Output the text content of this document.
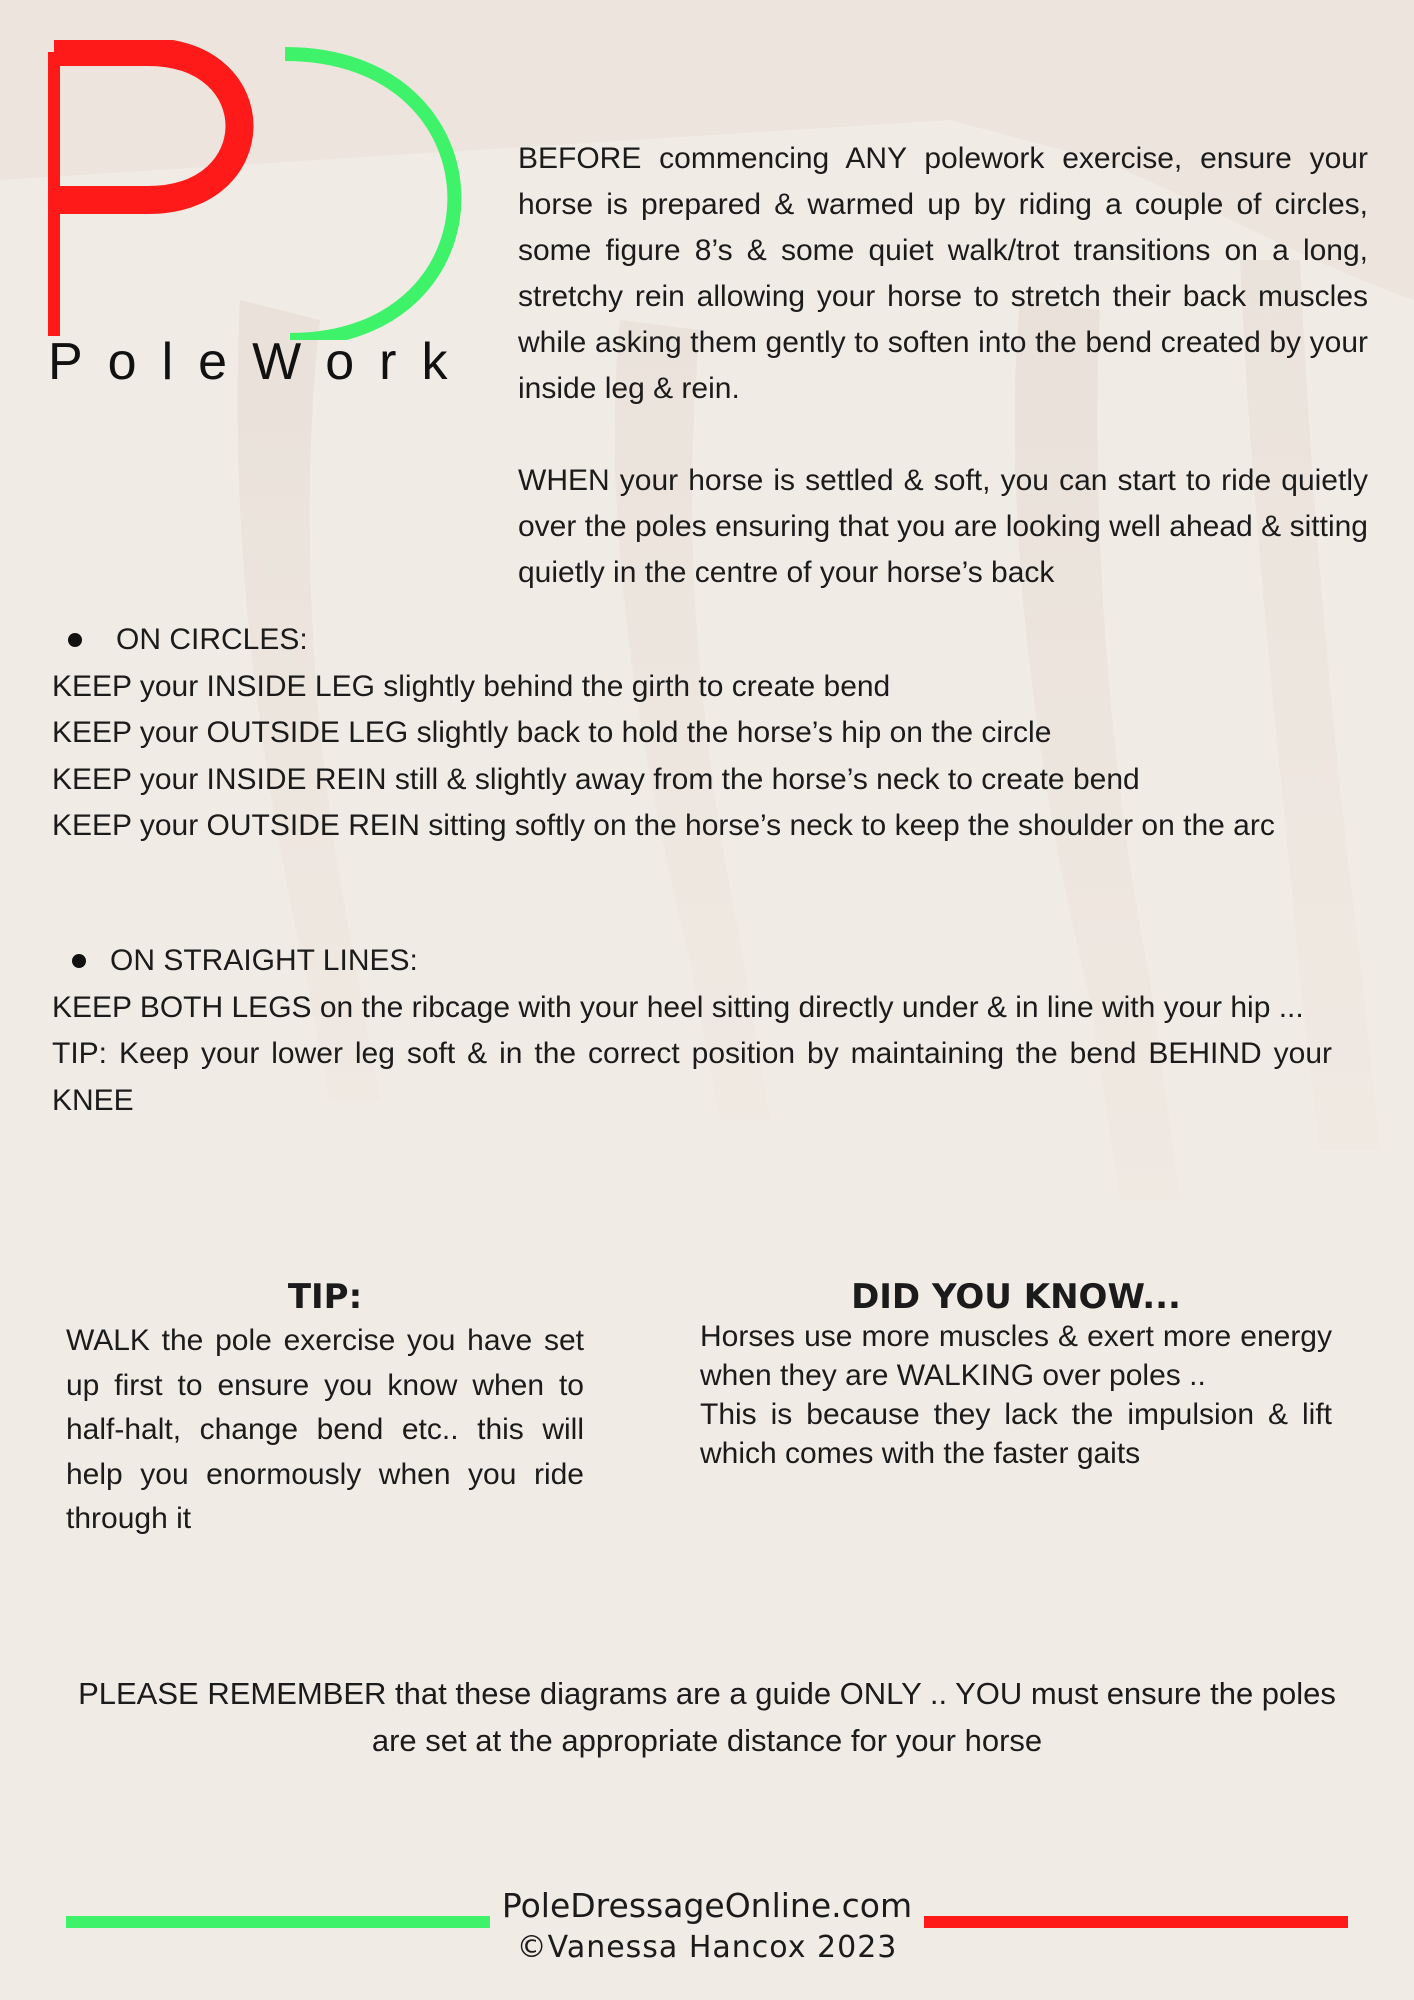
PoleWork

BEFORE commencing ANY polework exercise, ensure your horse is prepared & warmed up by riding a couple of circles, some figure 8’s & some quiet walk/trot transitions on a long, stretchy rein allowing your horse to stretch their back muscles while asking them gently to soften into the bend created by your inside leg & rein.

WHEN your horse is settled & soft, you can start to ride quietly over the poles ensuring that you are looking well ahead & sitting quietly in the centre of your horse’s back

ON CIRCLES:
KEEP your INSIDE LEG slightly behind the girth to create bend
KEEP your OUTSIDE LEG slightly back to hold the horse’s hip on the circle
KEEP your INSIDE REIN still & slightly away from the horse’s neck to create bend
KEEP your OUTSIDE REIN sitting softly on the horse’s neck to keep the shoulder on the arc
ON STRAIGHT LINES:
KEEP BOTH LEGS on the ribcage with your heel sitting directly under & in line with your hip ...
TIP: Keep your lower leg soft & in the correct position by maintaining the bend BEHIND your KNEE
TIP:
WALK the pole exercise you have set up first to ensure you know when to half-halt, change bend etc.. this will help you enormously when you ride through it
DID YOU KNOW...
Horses use more muscles & exert more energy when they are WALKING over poles ..
This is because they lack the impulsion & lift which comes with the faster gaits
PLEASE REMEMBER that these diagrams are a guide ONLY .. YOU must ensure the poles are set at the appropriate distance for your horse
PoleDressageOnline.com
©Vanessa Hancox 2023
